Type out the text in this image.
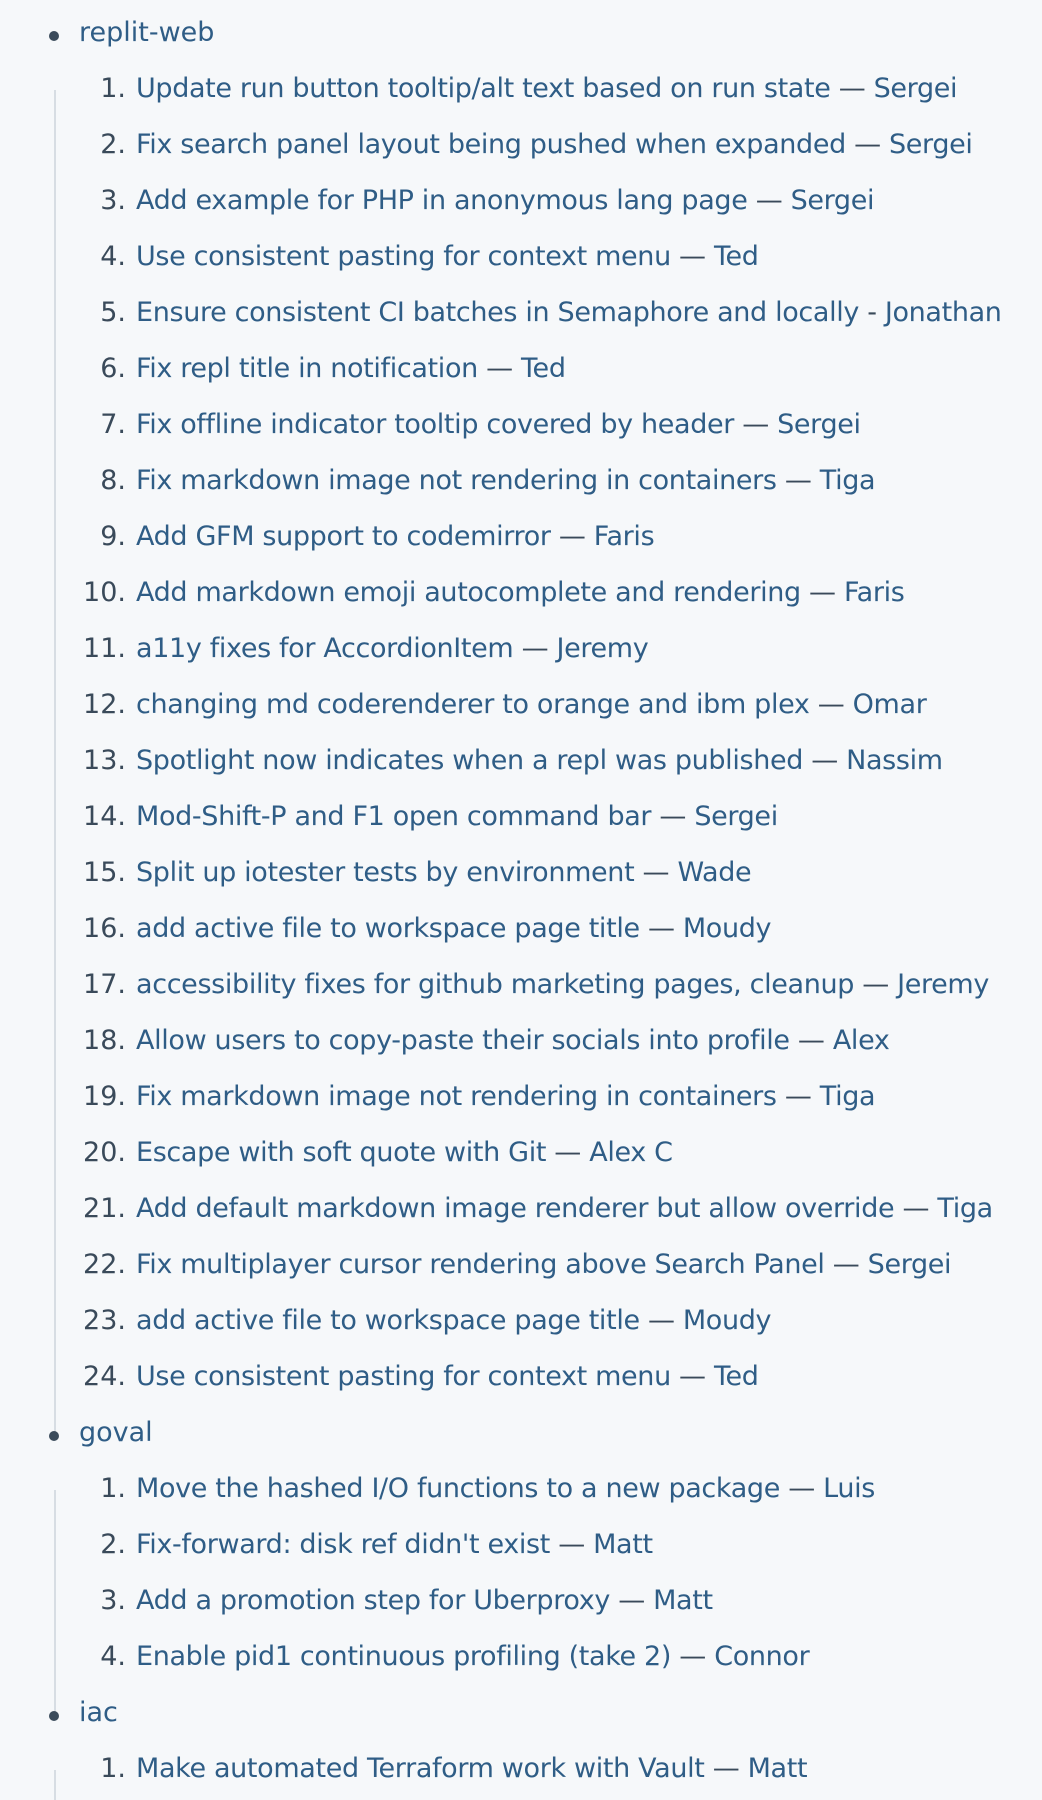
replit-web
1. Update run button tooltip/alt text based on run state — Sergei
2. Fix search panel layout being pushed when expanded — Sergei
3. Add example for PHP in anonymous lang page — Sergei
4. Use consistent pasting for context menu — Ted
5. Ensure consistent CI batches in Semaphore and locally - Jonathan
6. Fix repl title in notification — Ted
7. Fix offline indicator tooltip covered by header — Sergei
8. Fix markdown image not rendering in containers — Tiga
9. Add GFM support to codemirror — Faris
10. Add markdown emoji autocomplete and rendering — Faris
11. a11y fixes for AccordionItem — Jeremy
12. changing md coderenderer to orange and ibm plex — Omar
13. Spotlight now indicates when a repl was published — Nassim
14. Mod-Shift-P and F1 open command bar — Sergei
15. Split up iotester tests by environment — Wade
16. add active file to workspace page title — Moudy
17. accessibility fixes for github marketing pages, cleanup — Jeremy
18. Allow users to copy-paste their socials into profile — Alex
19. Fix markdown image not rendering in containers — Tiga
20. Escape with soft quote with Git — Alex C
21. Add default markdown image renderer but allow override — Tiga
22. Fix multiplayer cursor rendering above Search Panel — Sergei
23. add active file to workspace page title — Moudy
24. Use consistent pasting for context menu — Ted
goval
1. Move the hashed I/O functions to a new package — Luis
2. Fix-forward: disk ref didn't exist — Matt
3. Add a promotion step for Uberproxy — Matt
4. Enable pid1 continuous profiling (take 2) — Connor
iac
1. Make automated Terraform work with Vault — Matt
